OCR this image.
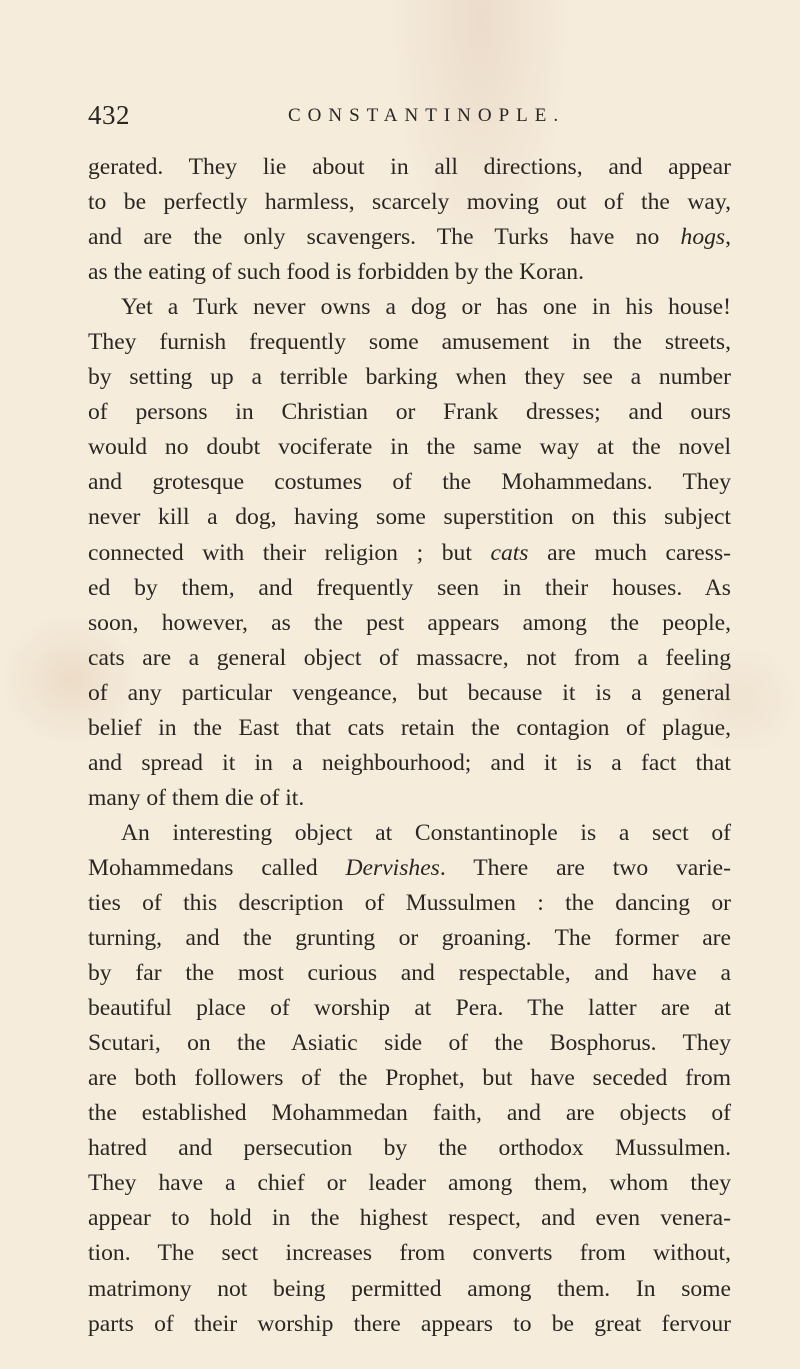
432	CONSTANTINOPLE.
gerated. They lie about in all directions, and appear
to be perfectly harmless, scarcely moving out of the way,
and are the only scavengers. The Turks have no hogs,
as the eating of such food is forbidden by the Koran.
Yet a Turk never owns a dog or has one in his house!
They furnish frequently some amusement in the streets,
by setting up a terrible barking when they see a number
of persons in Christian or Frank dresses; and ours
would no doubt vociferate in the same way at the novel
and grotesque costumes of the Mohammedans. They
never kill a dog, having some superstition on this subject
connected with their religion ; but cats are much caress-
ed by them, and frequently seen in their houses. As
soon, however, as the pest appears among the people,
cats are a general object of massacre, not from a feeling
of any particular vengeance, but because it is a general
belief in the East that cats retain the contagion of plague,
and spread it in a neighbourhood; and it is a fact that
many of them die of it.
An interesting object at Constantinople is a sect of
Mohammedans called Dervishes. There are two varie-
ties of this description of Mussulmen : the dancing or
turning, and the grunting or groaning. The former are
by far the most curious and respectable, and have a
beautiful place of worship at Pera. The latter are at
Scutari, on the Asiatic side of the Bosphorus. They
are both followers of the Prophet, but have seceded from
the established Mohammedan faith, and are objects of
hatred and persecution by the orthodox Mussulmen.
They have a chief or leader among them, whom they
appear to hold in the highest respect, and even venera-
tion. The sect increases from converts from without,
matrimony not being permitted among them. In some
parts of their worship there appears to be great fervour
